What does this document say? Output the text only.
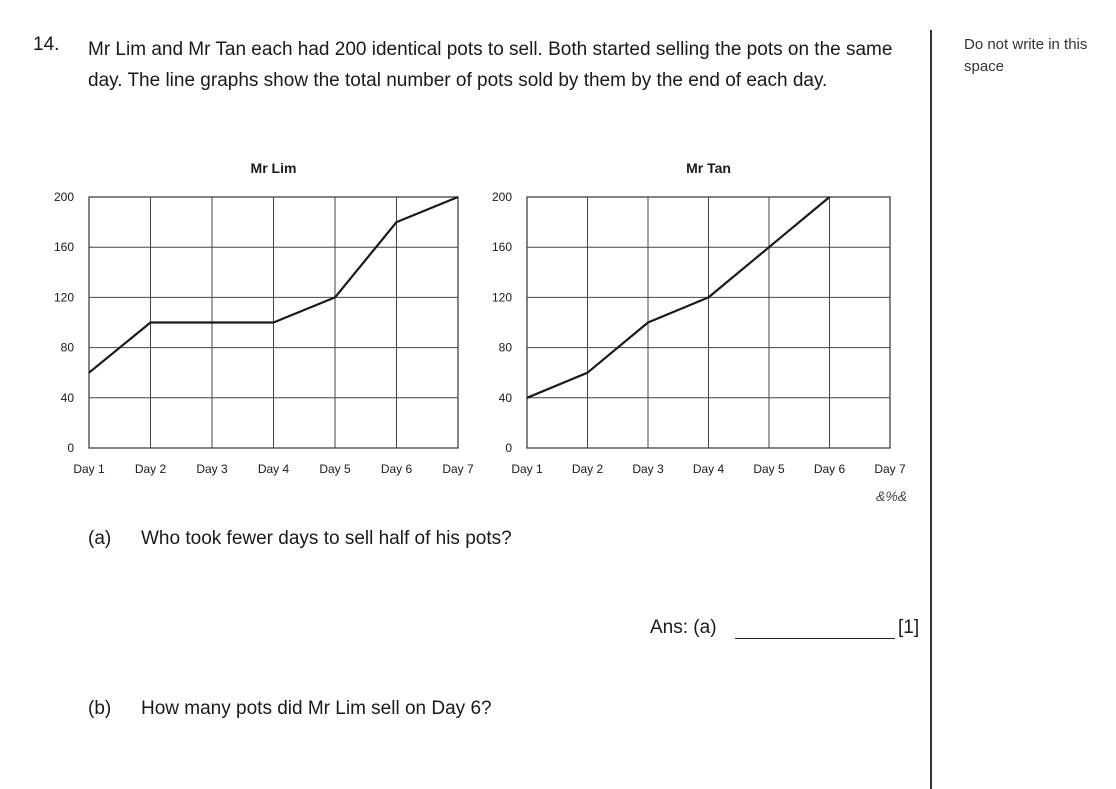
14. Mr Lim and Mr Tan each had 200 identical pots to sell. Both started selling the pots on the same day. The line graphs show the total number of pots sold by them by the end of each day.
Do not write in this space
Mr Lim
0
40
80
120
160
200
Day 1	Day 2	Day 3	Day 4	Day 5	Day 6	Day 7
Mr Tan
0
40
80
120
160
200
Day 1 Day 2 Day 3 Day 4 Day 5 Day 6 Day 7
&%&
(a) Who took fewer days to sell half of his pots?
Ans: (a)	[1]
(b) How many pots did Mr Lim sell on Day 6?
